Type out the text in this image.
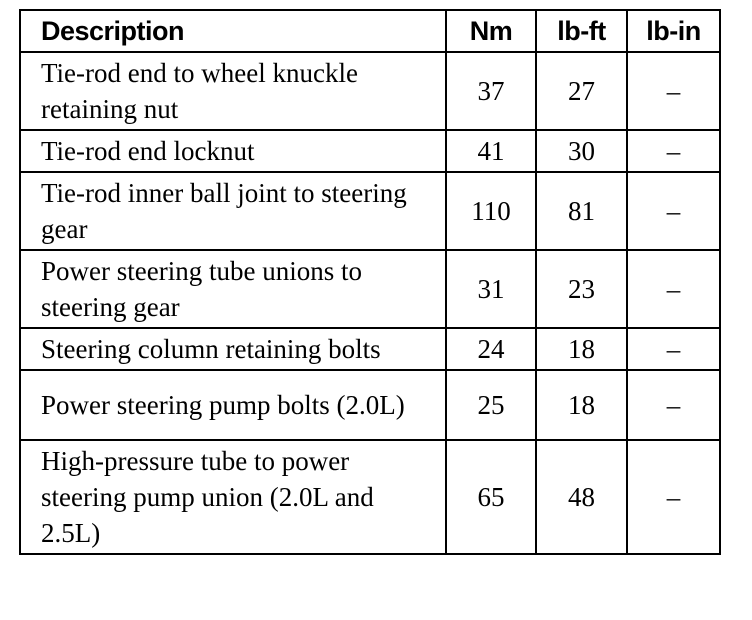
Description	Nm	lb-ft	lb-in
Tie-rod end to wheel knuckle retaining nut	37	27	–
Tie-rod end locknut	41	30	–
Tie-rod inner ball joint to steering gear	110	81	–
Power steering tube unions to steering gear	31	23	–
Steering column retaining bolts	24	18	–
Power steering pump bolts (2.0L)	25	18	–
High-pressure tube to power steering pump union (2.0L and 2.5L)	65	48	–
